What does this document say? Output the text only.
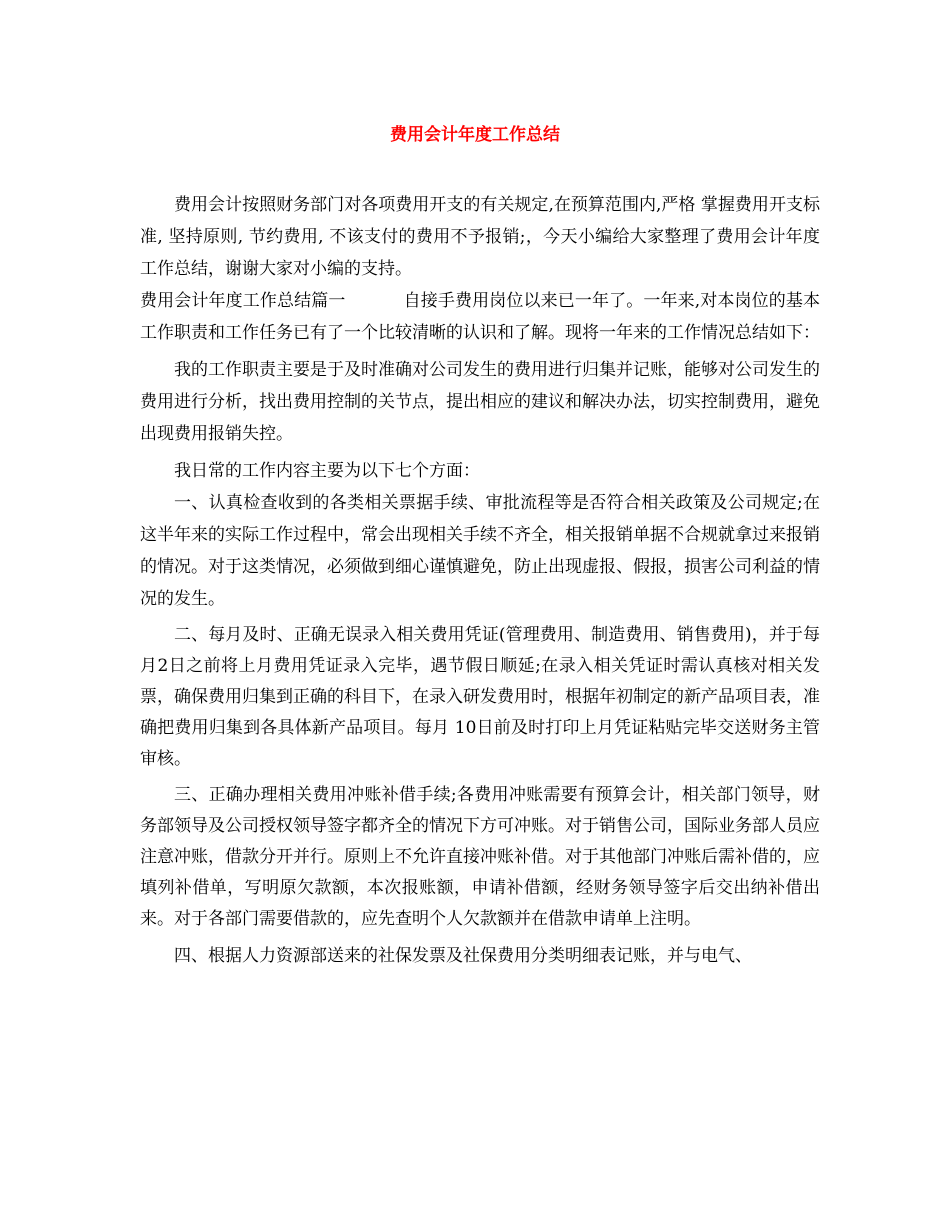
费用会计年度工作总结

费用会计按照财务部门对各项费用开支的有关规定,在预算范围内,严格 掌握费用开支标准, 坚持原则, 节约费用, 不该支付的费用不予报销;，今天小编给大家整理了费用会计年度工作总结，谢谢大家对小编的支持。

费用会计年度工作总结篇一	自接手费用岗位以来已一年了。一年来,对本岗位的基本工作职责和工作任务已有了一个比较清晰的认识和了解。现将一年来的工作情况总结如下：

我的工作职责主要是于及时准确对公司发生的费用进行归集并记账，能够对公司发生的费用进行分析，找出费用控制的关节点，提出相应的建议和解决办法，切实控制费用，避免出现费用报销失控。

我日常的工作内容主要为以下七个方面：

一、认真检查收到的各类相关票据手续、审批流程等是否符合相关政策及公司规定;在这半年来的实际工作过程中，常会出现相关手续不齐全，相关报销单据不合规就拿过来报销的情况。对于这类情况，必须做到细心谨慎避免，防止出现虚报、假报，损害公司利益的情况的发生。

二、每月及时、正确无误录入相关费用凭证(管理费用、制造费用、销售费用)，并于每月2日之前将上月费用凭证录入完毕，遇节假日顺延;在录入相关凭证时需认真核对相关发票，确保费用归集到正确的科目下，在录入研发费用时，根据年初制定的新产品项目表，准确把费用归集到各具体新产品项目。每月 10日前及时打印上月凭证粘贴完毕交送财务主管审核。

三、正确办理相关费用冲账补借手续;各费用冲账需要有预算会计，相关部门领导，财务部领导及公司授权领导签字都齐全的情况下方可冲账。对于销售公司，国际业务部人员应注意冲账，借款分开并行。原则上不允许直接冲账补借。对于其他部门冲账后需补借的，应填列补借单，写明原欠款额，本次报账额，申请补借额，经财务领导签字后交出纳补借出来。对于各部门需要借款的，应先查明个人欠款额并在借款申请单上注明。

四、根据人力资源部送来的社保发票及社保费用分类明细表记账，并与电气、
